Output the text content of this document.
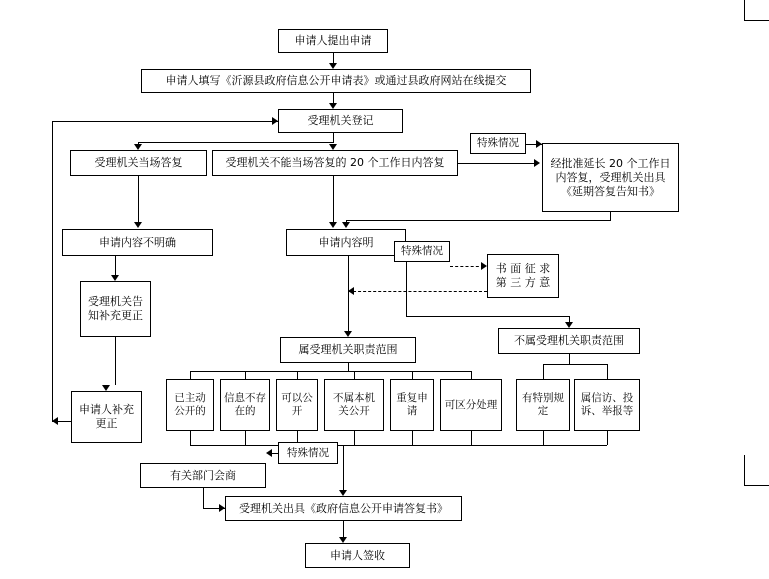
申请人提出申请
申请人填写《沂源县政府信息公开申请表》或通过县政府网站在线提交
受理机关登记
受理机关当场答复	受理机关不能当场答复的 20 个工作日内答复
特殊情况
经批准延长 20 个工作日内答复，受理机关出具《延期答复告知书》
申请内容不明确	申请内容明
特殊情况
书 面 征 求 第 三 方 意
受理机关告知补充更正
属受理机关职责范围
不属受理机关职责范围
申请人补充更正
已主动公开的
信息不存在的
可以公开
不属本机关公开
重复申请
可区分处理
有特别规定
属信访、投诉、举报等
特殊情况
有关部门会商
受理机关出具《政府信息公开申请答复书》
申请人签收
